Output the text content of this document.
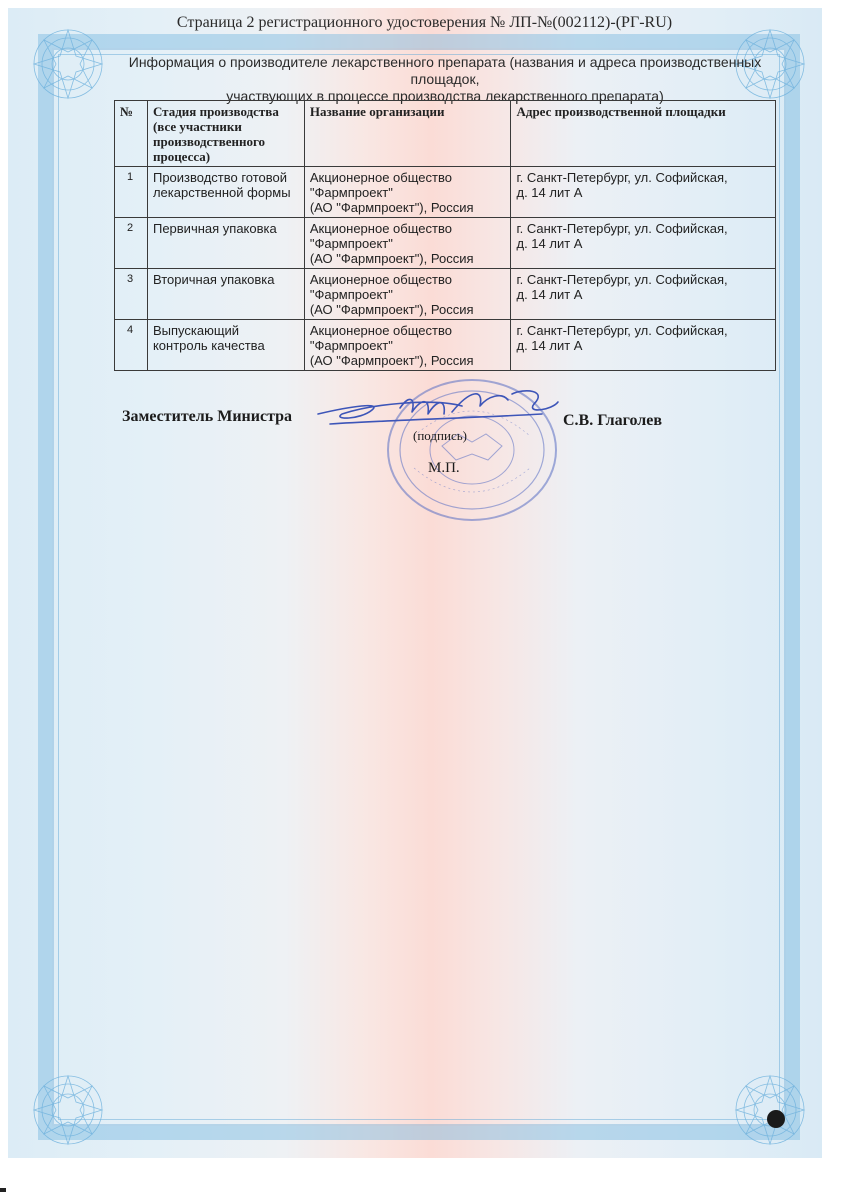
Страница 2 регистрационного удостоверения № ЛП-№(002112)-(РГ-RU)
Информация о производителе лекарственного препарата (названия и адреса производственных площадок,
участвующих в процессе производства лекарственного препарата)
№	Стадия производства
(все участники
производственного
процесса)	Название организации	Адрес производственной площадки
1	Производство готовой
лекарственной формы	Акционерное общество
"Фармпроект"
(АО "Фармпроект"), Россия	г. Санкт-Петербург, ул. Софийская,
д. 14 лит А

2	Первичная упаковка	Акционерное общество
"Фармпроект"
(АО "Фармпроект"), Россия	г. Санкт-Петербург, ул. Софийская,
д. 14 лит А

3	Вторичная упаковка	Акционерное общество
"Фармпроект"
(АО "Фармпроект"), Россия	г. Санкт-Петербург, ул. Софийская,
д. 14 лит А

4	Выпускающий
контроль качества	Акционерное общество
"Фармпроект"
(АО "Фармпроект"), Россия	г. Санкт-Петербург, ул. Софийская,
д. 14 лит А
Заместитель Министра
(подпись)
С.В. Глаголев
М.П.
